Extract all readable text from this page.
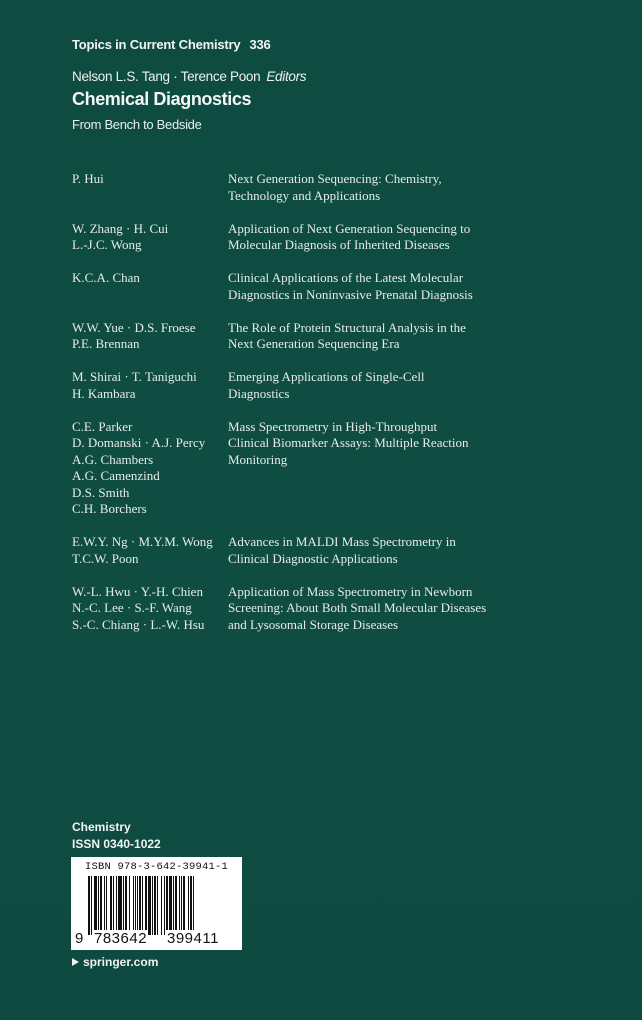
Topics in Current Chemistry 336
Nelson L.S. Tang · Terence Poon Editors
Chemical Diagnostics
From Bench to Bedside
P. Hui	Next Generation Sequencing: Chemistry,
Technology and Applications
W. Zhang · H. Cui
L.-J.C. Wong
Application of Next Generation Sequencing to
Molecular Diagnosis of Inherited Diseases
K.C.A. Chan	Clinical Applications of the Latest Molecular
Diagnostics in Noninvasive Prenatal Diagnosis
W.W. Yue · D.S. Froese
P.E. Brennan
The Role of Protein Structural Analysis in the
Next Generation Sequencing Era
M. Shirai · T. Taniguchi
H. Kambara
Emerging Applications of Single-Cell
Diagnostics
C.E. Parker
D. Domanski · A.J. Percy
A.G. Chambers
A.G. Camenzind
D.S. Smith
C.H. Borchers
Mass Spectrometry in High-Throughput
Clinical Biomarker Assays: Multiple Reaction
Monitoring
E.W.Y. Ng · M.Y.M. Wong
T.C.W. Poon
Advances in MALDI Mass Spectrometry in
Clinical Diagnostic Applications
W.-L. Hwu · Y.-H. Chien
N.-C. Lee · S.-F. Wang
S.-C. Chiang · L.-W. Hsu
Application of Mass Spectrometry in Newborn
Screening: About Both Small Molecular Diseases
and Lysosomal Storage Diseases
Chemistry
ISSN 0340-1022
ISBN 978-3-642-39941-1
9 783642 399411
springer.com
